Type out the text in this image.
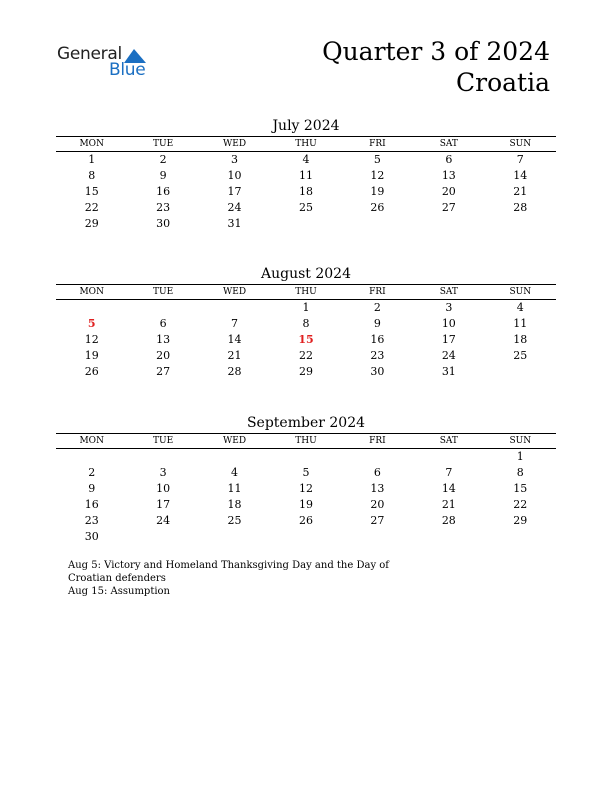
General
Blue
Quarter 3 of 2024
Croatia
July 2024
MON	TUE	WED	THU	FRI	SAT	SUN
1	2	3	4	5	6	7
8	9	10	11	12	13	14
15	16	17	18	19	20	21
22	23	24	25	26	27	28
29	30	31				
August 2024
MON	TUE	WED	THU	FRI	SAT	SUN
			1	2	3	4
5	6	7	8	9	10	11
12	13	14	15	16	17	18
19	20	21	22	23	24	25
26	27	28	29	30	31	
September 2024
MON	TUE	WED	THU	FRI	SAT	SUN
						1
2	3	4	5	6	7	8
9	10	11	12	13	14	15
16	17	18	19	20	21	22
23	24	25	26	27	28	29
30						
Aug 5: Victory and Homeland Thanksgiving Day and the Day of Croatian defenders
Aug 15: Assumption
